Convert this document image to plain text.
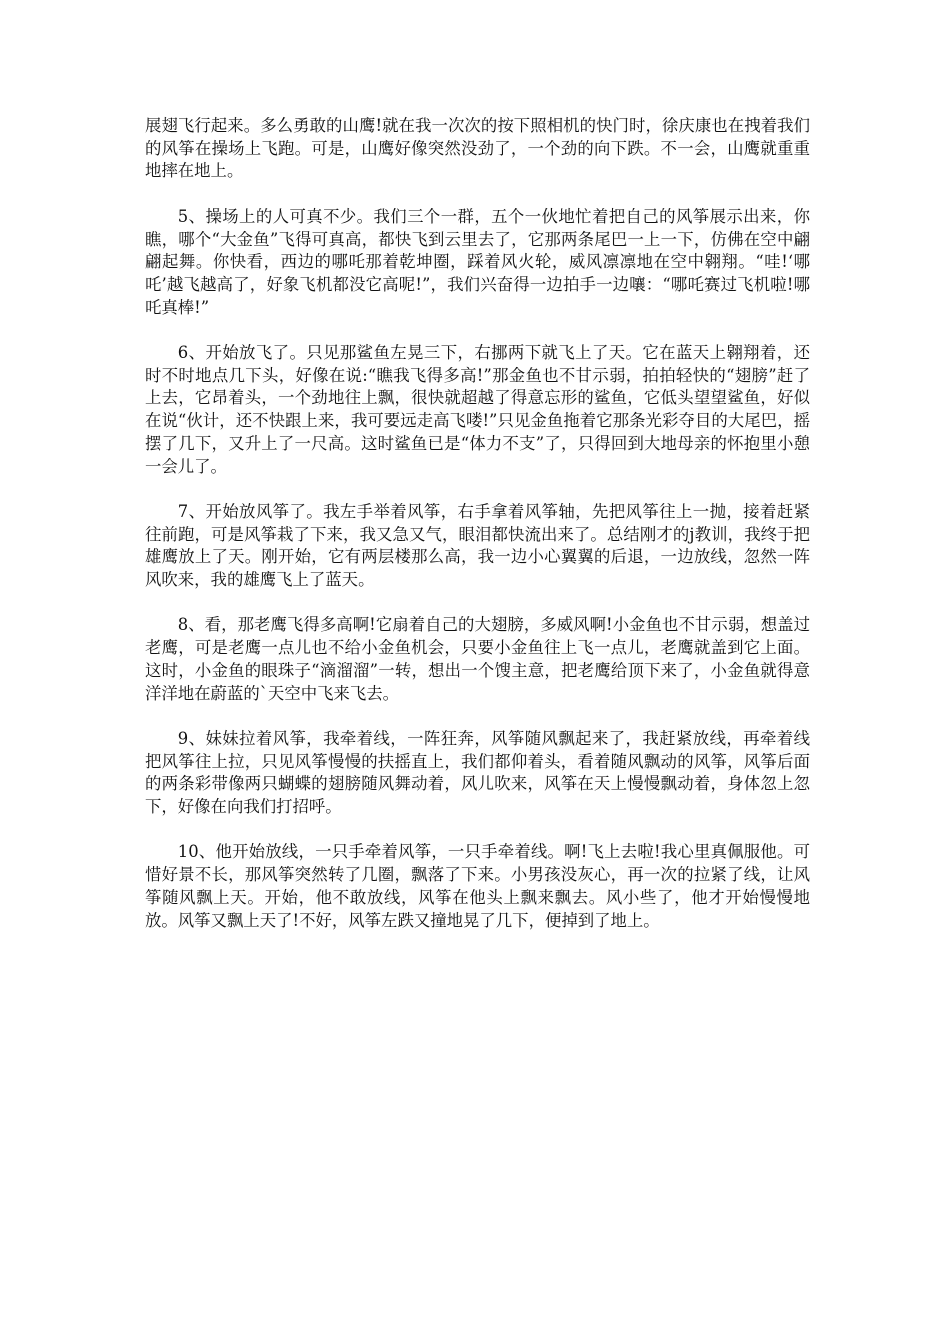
展翅飞行起来。多么勇敢的山鹰!就在我一次次的按下照相机的快门时，徐庆康也在拽着我们的风筝在操场上飞跑。可是，山鹰好像突然没劲了，一个劲的向下跌。不一会，山鹰就重重地摔在地上。

5、操场上的人可真不少。我们三个一群，五个一伙地忙着把自己的风筝展示出来，你瞧，哪个“大金鱼”飞得可真高，都快飞到云里去了，它那两条尾巴一上一下，仿佛在空中翩翩起舞。你快看，西边的哪吒那着乾坤圈，踩着风火轮，威风凛凛地在空中翱翔。“哇!‘哪吒’越飞越高了，好象飞机都没它高呢!”，我们兴奋得一边拍手一边嚷：“哪吒赛过飞机啦!哪吒真棒!”

6、开始放飞了。只见那鲨鱼左晃三下，右挪两下就飞上了天。它在蓝天上翱翔着，还时不时地点几下头，好像在说:“瞧我飞得多高!”那金鱼也不甘示弱，拍拍轻快的“翅膀”赶了上去，它昂着头，一个劲地往上飘，很快就超越了得意忘形的鲨鱼，它低头望望鲨鱼，好似在说“伙计，还不快跟上来，我可要远走高飞喽!”只见金鱼拖着它那条光彩夺目的大尾巴，摇摆了几下，又升上了一尺高。这时鲨鱼已是“体力不支”了，只得回到大地母亲的怀抱里小憩一会儿了。

7、开始放风筝了。我左手举着风筝，右手拿着风筝轴，先把风筝往上一抛，接着赶紧往前跑，可是风筝栽了下来，我又急又气，眼泪都快流出来了。总结刚才的j教训，我终于把雄鹰放上了天。刚开始，它有两层楼那么高，我一边小心翼翼的后退，一边放线，忽然一阵风吹来，我的雄鹰飞上了蓝天。

8、看，那老鹰飞得多高啊!它扇着自己的大翅膀，多威风啊!小金鱼也不甘示弱，想盖过老鹰，可是老鹰一点儿也不给小金鱼机会，只要小金鱼往上飞一点儿，老鹰就盖到它上面。这时，小金鱼的眼珠子“滴溜溜”一转，想出一个馊主意，把老鹰给顶下来了，小金鱼就得意洋洋地在蔚蓝的`天空中飞来飞去。

9、妹妹拉着风筝，我牵着线，一阵狂奔，风筝随风飘起来了，我赶紧放线，再牵着线把风筝往上拉，只见风筝慢慢的扶摇直上，我们都仰着头，看着随风飘动的风筝，风筝后面的两条彩带像两只蝴蝶的翅膀随风舞动着，风儿吹来，风筝在天上慢慢飘动着，身体忽上忽下，好像在向我们打招呼。

10、他开始放线，一只手牵着风筝，一只手牵着线。啊!飞上去啦!我心里真佩服他。可惜好景不长，那风筝突然转了几圈，飘落了下来。小男孩没灰心，再一次的拉紧了线，让风筝随风飘上天。开始，他不敢放线，风筝在他头上飘来飘去。风小些了，他才开始慢慢地放。风筝又飘上天了!不好，风筝左跌又撞地晃了几下，便掉到了地上。
